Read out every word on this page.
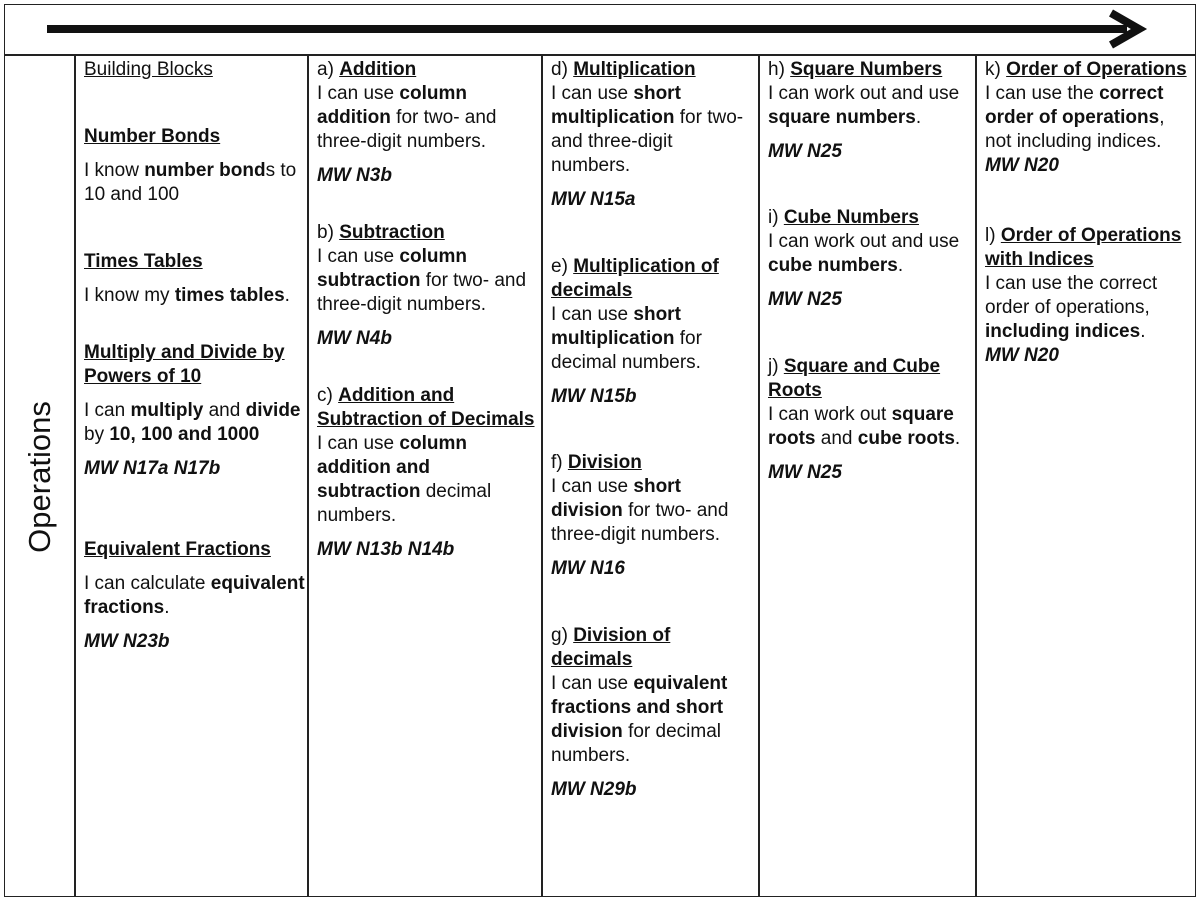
Operations

Building Blocks

Number Bonds

I know number bonds to 10 and 100

Times Tables

I know my times tables.

Multiply and Divide by Powers of 10

I can multiply and divide by 10, 100 and 1000

MW N17a N17b

Equivalent Fractions

I can calculate equivalent fractions.

MW N23b

a) Addition

I can use column addition for two- and three-digit numbers.

MW N3b

b) Subtraction

I can use column subtraction for two- and three-digit numbers.

MW N4b

c) Addition and Subtraction of Decimals

I can use column addition and subtraction decimal numbers.

MW N13b N14b

d) Multiplication

I can use short multiplication for two- and three-digit numbers.

MW N15a

e) Multiplication of decimals

I can use short multiplication for decimal numbers.

MW N15b

f) Division

I can use short division for two- and three-digit numbers.

MW N16

g) Division of decimals

I can use equivalent fractions and short division for decimal numbers.

MW N29b

h) Square Numbers

I can work out and use square numbers.

MW N25

i) Cube Numbers

I can work out and use cube numbers.

MW N25

j) Square and Cube Roots

I can work out square roots and cube roots.

MW N25

k) Order of Operations

I can use the correct order of operations, not including indices.

MW N20

l) Order of Operations with Indices

I can use the correct order of operations, including indices.

MW N20
